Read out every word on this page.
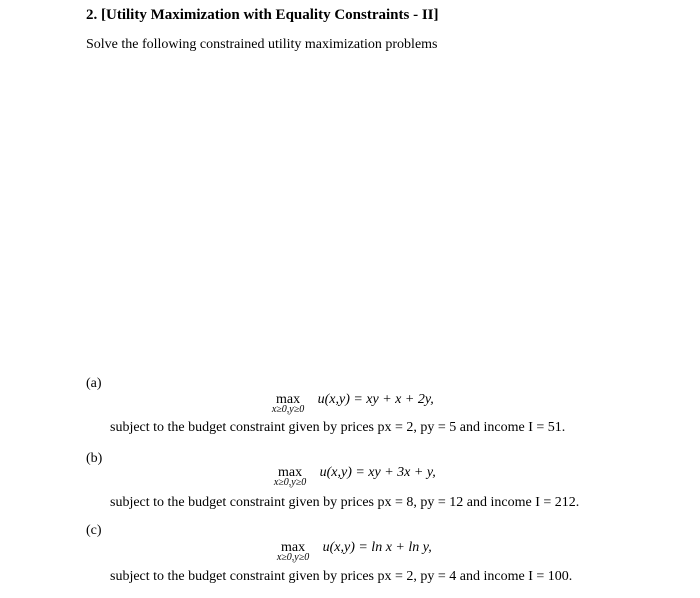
2. [Utility Maximization with Equality Constraints - II]
Solve the following constrained utility maximization problems
(a)
max
x≥0,y≥0
u(x,y) = xy + x + 2y,
subject to the budget constraint given by prices px = 2, py = 5 and income I = 51.
(b)
max
x≥0,y≥0
u(x,y) = xy + 3x + y,
subject to the budget constraint given by prices px = 8, py = 12 and income I = 212.
(c)
max
x≥0,y≥0
u(x,y) = ln x + ln y,
subject to the budget constraint given by prices px = 2, py = 4 and income I = 100.
